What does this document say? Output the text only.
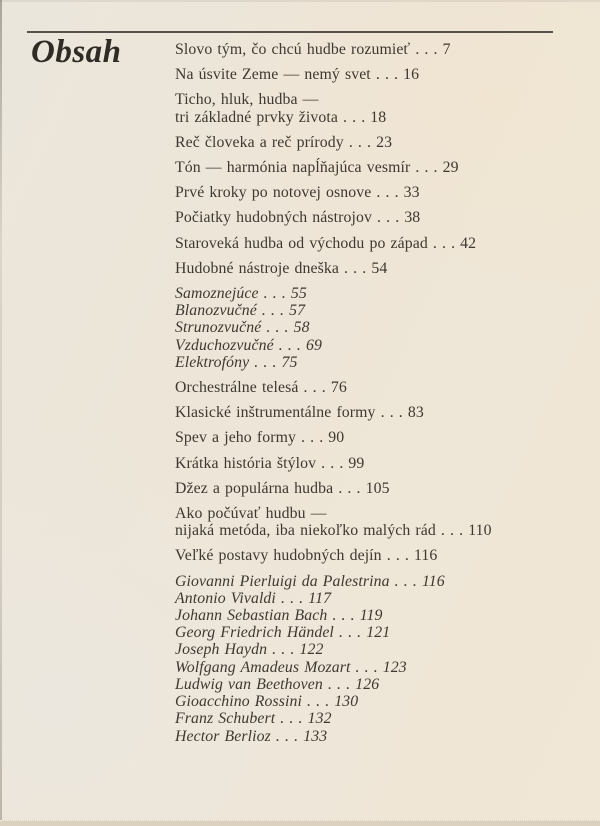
Obsah	Slovo tým, čo chcú hudbe rozumieť . . . 7
Na úsvite Zeme — nemý svet . . . 16
Ticho, hluk, hudba —
tri základné prvky života . . . 18
Reč človeka a reč prírody . . . 23
Tón — harmónia napĺňajúca vesmír . . . 29
Prvé kroky po notovej osnove . . . 33
Počiatky hudobných nástrojov . . . 38
Staroveká hudba od východu po západ . . . 42
Hudobné nástroje dneška . . . 54
Samoznejúce . . . 55
Blanozvučné . . . 57
Strunozvučné . . . 58
Vzduchozvučné . . . 69
Elektrofóny . . . 75
Orchestrálne telesá . . . 76
Klasické inštrumentálne formy . . . 83
Spev a jeho formy . . . 90
Krátka história štýlov . . . 99
Džez a populárna hudba . . . 105
Ako počúvať hudbu —
nijaká metóda, iba niekoľko malých rád . . . 110
Veľké postavy hudobných dejín . . . 116
Giovanni Pierluigi da Palestrina . . . 116
Antonio Vivaldi . . . 117
Johann Sebastian Bach . . . 119
Georg Friedrich Händel . . . 121
Joseph Haydn . . . 122
Wolfgang Amadeus Mozart . . . 123
Ludwig van Beethoven . . . 126
Gioacchino Rossini . . . 130
Franz Schubert . . . 132
Hector Berlioz . . . 133
